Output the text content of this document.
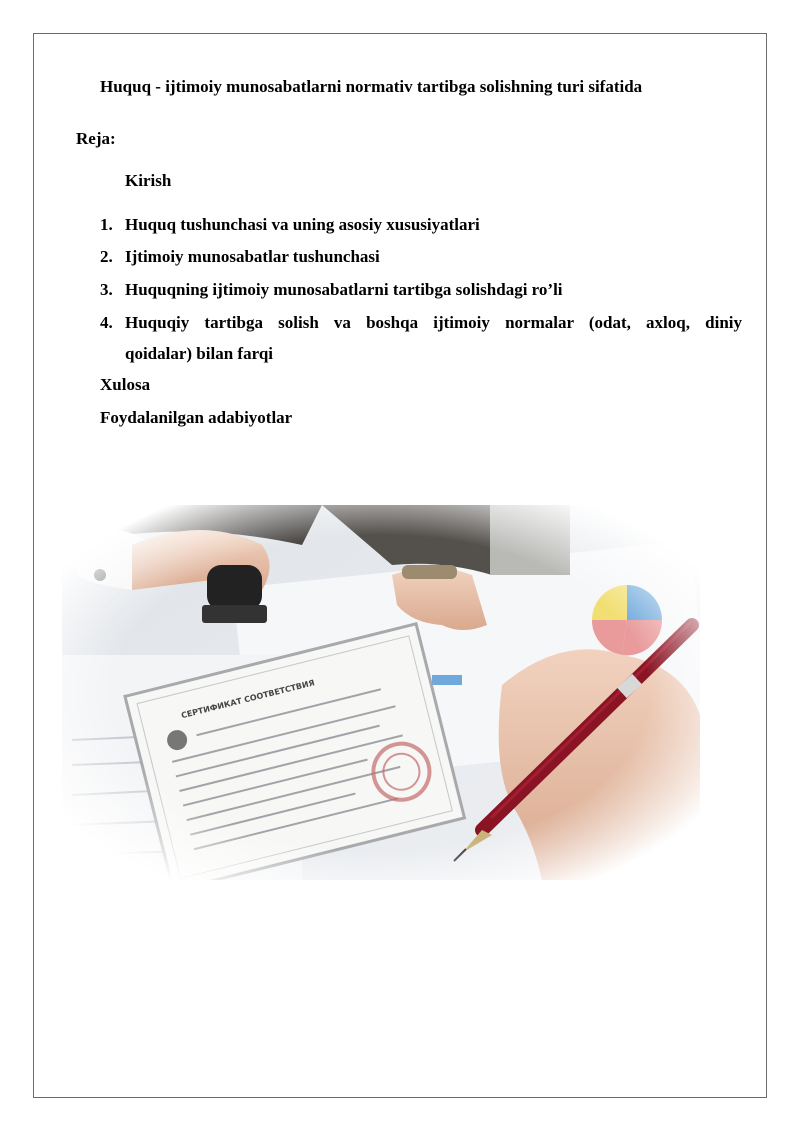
Huquq - ijtimoiy munosabatlarni normativ tartibga solishning turi sifatida
Reja:
Kirish
1. Huquq tushunchasi va uning asosiy xususiyatlari
2. Ijtimoiy munosabatlar tushunchasi
3. Huquqning ijtimoiy munosabatlarni tartibga solishdagi ro’li
4. Huquqiy tartibga solish va boshqa ijtimoiy normalar (odat, axloq, diniy
qoidalar) bilan farqi
Xulosa
Foydalanilgan adabiyotlar
